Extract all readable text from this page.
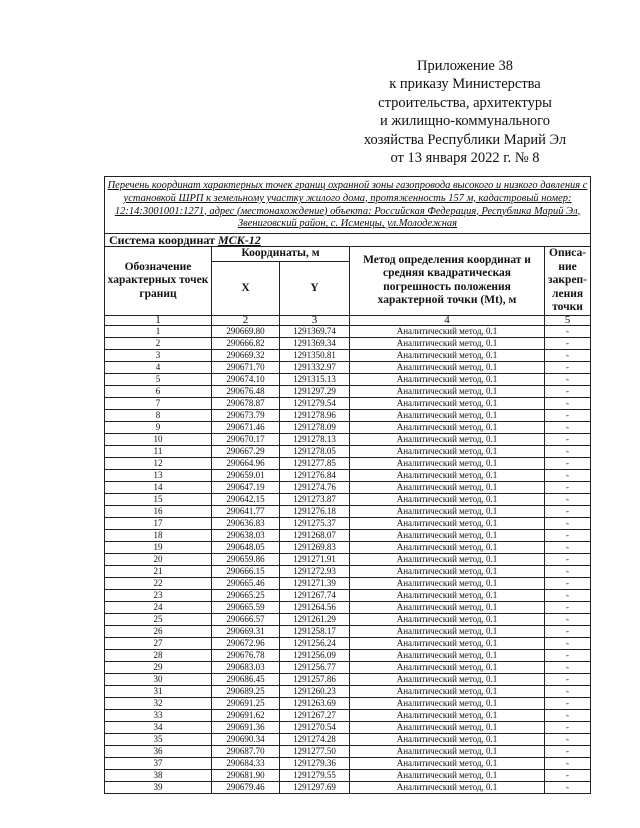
Приложение 38
к приказу Министерства
строительства, архитектуры
и жилищно-коммунального
хозяйства Республики Марий Эл
от 13 января 2022 г. № 8
Перечень координат характерных точек границ охранной зоны газопровода высокого и низкого давления с установкой ШРП к земельному участку жилого дома, протяженность 157 м, кадастровый номер: 12:14:3001001:1271, адрес (местонахождение) объекта: Российская Федерация, Республика Марий Эл, Звениговский район, с. Исменцы, ул.Молодежная				
Система координат МСК-12				
Обозначение характерных точек границ	Координаты, м		Метод определения координат и средняя квадратическая погрешность положения характерной точки (Mt), м	Описа-ние закреп-ления точки
	X	Y		
1	2	3	4	5
1	290669.80	1291369.74	Аналитический метод, 0.1	-
2	290666.82	1291369.34	Аналитический метод, 0.1	-
3	290669.32	1291350.81	Аналитический метод, 0.1	-
4	290671.70	1291332.97	Аналитический метод, 0.1	-
5	290674.10	1291315.13	Аналитический метод, 0.1	-
6	290676.48	1291297.29	Аналитический метод, 0.1	-
7	290678.87	1291279.54	Аналитический метод, 0.1	-
8	290673.79	1291278.96	Аналитический метод, 0.1	-
9	290671.46	1291278.09	Аналитический метод, 0.1	-
10	290670.17	1291278.13	Аналитический метод, 0.1	-
11	290667.29	1291278.05	Аналитический метод, 0.1	-
12	290664.96	1291277.85	Аналитический метод, 0.1	-
13	290659.01	1291276.84	Аналитический метод, 0.1	-
14	290647.19	1291274.76	Аналитический метод, 0.1	-
15	290642.15	1291273.87	Аналитический метод, 0.1	-
16	290641.77	1291276.18	Аналитический метод, 0.1	-
17	290636.83	1291275.37	Аналитический метод, 0.1	-
18	290638.03	1291268.07	Аналитический метод, 0.1	-
19	290648.05	1291269.83	Аналитический метод, 0.1	-
20	290659.86	1291271.91	Аналитический метод, 0.1	-
21	290666.15	1291272.93	Аналитический метод, 0.1	-
22	290665.46	1291271.39	Аналитический метод, 0.1	-
23	290665.25	1291267.74	Аналитический метод, 0.1	-
24	290665.59	1291264.56	Аналитический метод, 0.1	-
25	290666.57	1291261.29	Аналитический метод, 0.1	-
26	290669.31	1291258.17	Аналитический метод, 0.1	-
27	290672.96	1291256.24	Аналитический метод, 0.1	-
28	290676.78	1291256.09	Аналитический метод, 0.1	-
29	290683.03	1291256.77	Аналитический метод, 0.1	-
30	290686.45	1291257.86	Аналитический метод, 0.1	-
31	290689.25	1291260.23	Аналитический метод, 0.1	-
32	290691.25	1291263.69	Аналитический метод, 0.1	-
33	290691.62	1291267.27	Аналитический метод, 0.1	-
34	290691.36	1291270.54	Аналитический метод, 0.1	-
35	290690.34	1291274.28	Аналитический метод, 0.1	-
36	290687.70	1291277.50	Аналитический метод, 0.1	-
37	290684.33	1291279.36	Аналитический метод, 0.1	-
38	290681.90	1291279.55	Аналитический метод, 0.1	-
39	290679.46	1291297.69	Аналитический метод, 0.1	-
